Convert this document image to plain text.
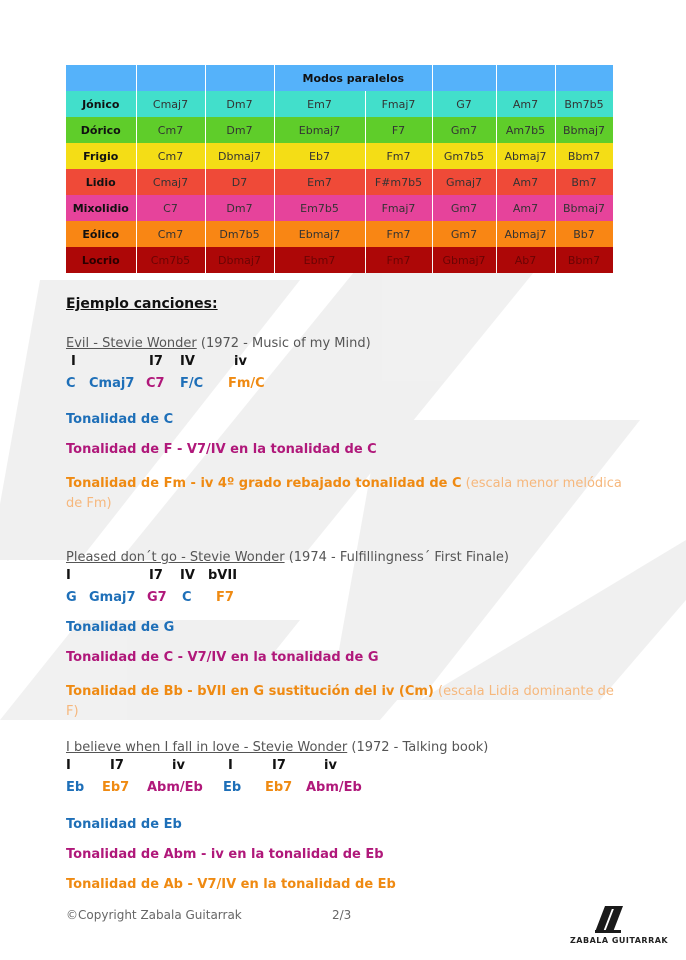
			Modos paralelos				
Jónico	Cmaj7	Dm7	Em7	Fmaj7	G7	Am7	Bm7b5
Dórico	Cm7	Dm7	Ebmaj7	F7	Gm7	Am7b5	Bbmaj7
Frigio	Cm7	Dbmaj7	Eb7	Fm7	Gm7b5	Abmaj7	Bbm7
Lidio	Cmaj7	D7	Em7	F#m7b5	Gmaj7	Am7	Bm7
Mixolidio	C7	Dm7	Em7b5	Fmaj7	Gm7	Am7	Bbmaj7
Eólico	Cm7	Dm7b5	Ebmaj7	Fm7	Gm7	Abmaj7	Bb7
Locrio	Cm7b5	Dbmaj7	Ebm7	Fm7	Gbmaj7	Ab7	Bbm7
Ejemplo canciones:
Evil - Stevie Wonder (1972 - Music of my Mind)
I	I7 IV	iv
C Cmaj7 C7 F/C Fm/C
Tonalidad de C
Tonalidad de F - V7/IV en la tonalidad de C
Tonalidad de Fm - iv 4º grado rebajado tonalidad de C (escala menor melódica de Fm)
Pleased don´t go - Stevie Wonder (1974 - Fulfillingness´ First Finale)
I	I7 IV bVII
G Gmaj7 G7 C F7
Tonalidad de G
Tonalidad de C - V7/IV en la tonalidad de G
Tonalidad de Bb - bVII en G sustitución del iv (Cm) (escala Lidia dominante de F)
I believe when I fall in love - Stevie Wonder (1972 - Talking book)
I	I7	iv	I	I7	iv
Eb Eb7 Abm/Eb Eb Eb7 Abm/Eb
Tonalidad de Eb
Tonalidad de Abm - iv en la tonalidad de Eb
Tonalidad de Ab - V7/IV en la tonalidad de Eb
©Copyright Zabala Guitarrak	2/3
ZABALA GUITARRAK
